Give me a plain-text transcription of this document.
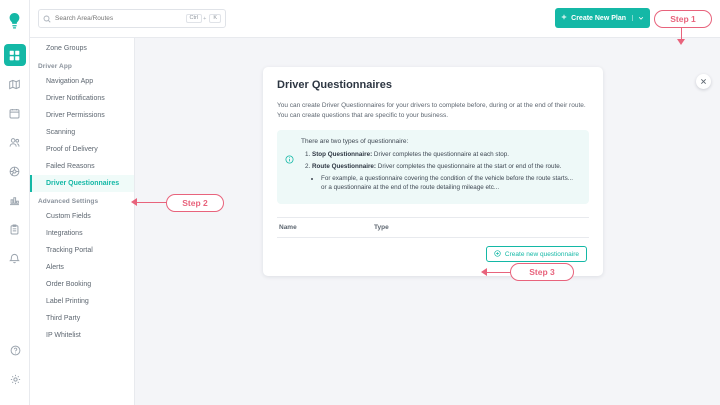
Zone Groups
Driver App
Navigation App
Driver Notifications
Driver Permissions
Scanning
Proof of Delivery
Failed Reasons
Driver Questionnaires
Advanced Settings
Custom Fields
Integrations
Tracking Portal
Alerts
Order Booking
Label Printing
Third Party
IP Whitelist
Search Area/Routes
Ctrl +	K	Create New Plan
Driver Questionnaires

You can create Driver Questionnaires for your drivers to complete before, during or at the end of their route. You can create questions that are specific to your business.

There are two types of questionnaire:

1. Stop Questionnaire: Driver completes the questionnaire at each stop.
2. Route Questionnaire: Driver completes the questionnaire at the start or end of the route.
• For example, a questionnaire covering the condition of the vehicle before the route starts... or a questionnaire at the end of the route detailing mileage etc...
Name	Type
Create new questionnaire
Step 1
Step 2
Step 3
